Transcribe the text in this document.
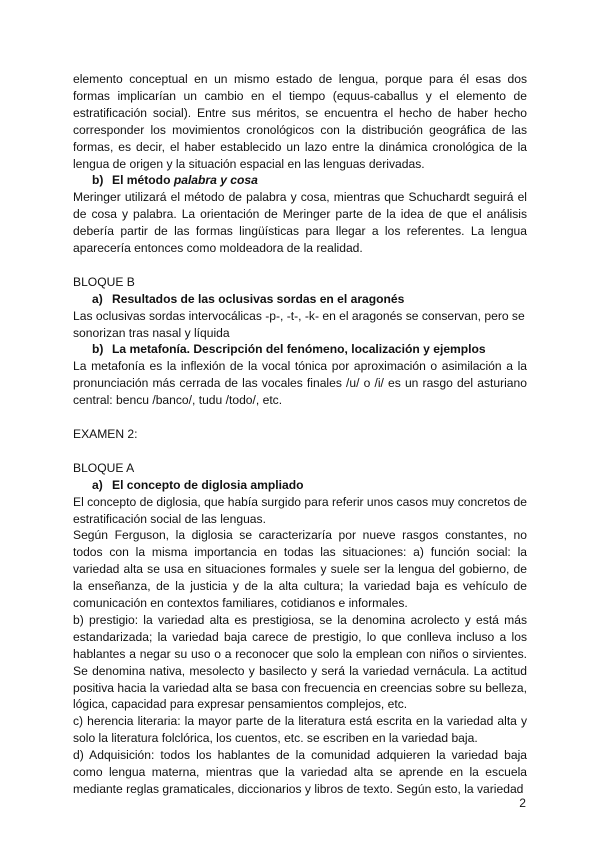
elemento conceptual en un mismo estado de lengua, porque para él esas dos formas implicarían un cambio en el tiempo (equus-caballus y el elemento de estratificación social). Entre sus méritos, se encuentra el hecho de haber hecho corresponder los movimientos cronológicos con la distribución geográfica de las formas, es decir, el haber establecido un lazo entre la dinámica cronológica de la lengua de origen y la situación espacial en las lenguas derivadas.

b) El método palabra y cosa

Meringer utilizará el método de palabra y cosa, mientras que Schuchardt seguirá el de cosa y palabra. La orientación de Meringer parte de la idea de que el análisis debería partir de las formas lingüísticas para llegar a los referentes. La lengua aparecería entonces como moldeadora de la realidad.

BLOQUE B

a) Resultados de las oclusivas sordas en el aragonés

Las oclusivas sordas intervocálicas -p-, -t-, -k- en el aragonés se conservan, pero se sonorizan tras nasal y líquida

b) La metafonía. Descripción del fenómeno, localización y ejemplos

La metafonía es la inflexión de la vocal tónica por aproximación o asimilación a la pronunciación más cerrada de las vocales finales /u/ o /i/ es un rasgo del asturiano central: bencu /banco/, tudu /todo/, etc.

EXAMEN 2:

BLOQUE A

a) El concepto de diglosia ampliado

El concepto de diglosia, que había surgido para referir unos casos muy concretos de estratificación social de las lenguas.

Según Ferguson, la diglosia se caracterizaría por nueve rasgos constantes, no todos con la misma importancia en todas las situaciones: a) función social: la variedad alta se usa en situaciones formales y suele ser la lengua del gobierno, de la enseñanza, de la justicia y de la alta cultura; la variedad baja es vehículo de comunicación en contextos familiares, cotidianos e informales.

b) prestigio: la variedad alta es prestigiosa, se la denomina acrolecto y está más estandarizada; la variedad baja carece de prestigio, lo que conlleva incluso a los hablantes a negar su uso o a reconocer que solo la emplean con niños o sirvientes. Se denomina nativa, mesolecto y basilecto y será la variedad vernácula. La actitud positiva hacia la variedad alta se basa con frecuencia en creencias sobre su belleza, lógica, capacidad para expresar pensamientos complejos, etc.

c) herencia literaria: la mayor parte de la literatura está escrita en la variedad alta y solo la literatura folclórica, los cuentos, etc. se escriben en la variedad baja.

d) Adquisición: todos los hablantes de la comunidad adquieren la variedad baja como lengua materna, mientras que la variedad alta se aprende en la escuela mediante reglas gramaticales, diccionarios y libros de texto. Según esto, la variedad

2
